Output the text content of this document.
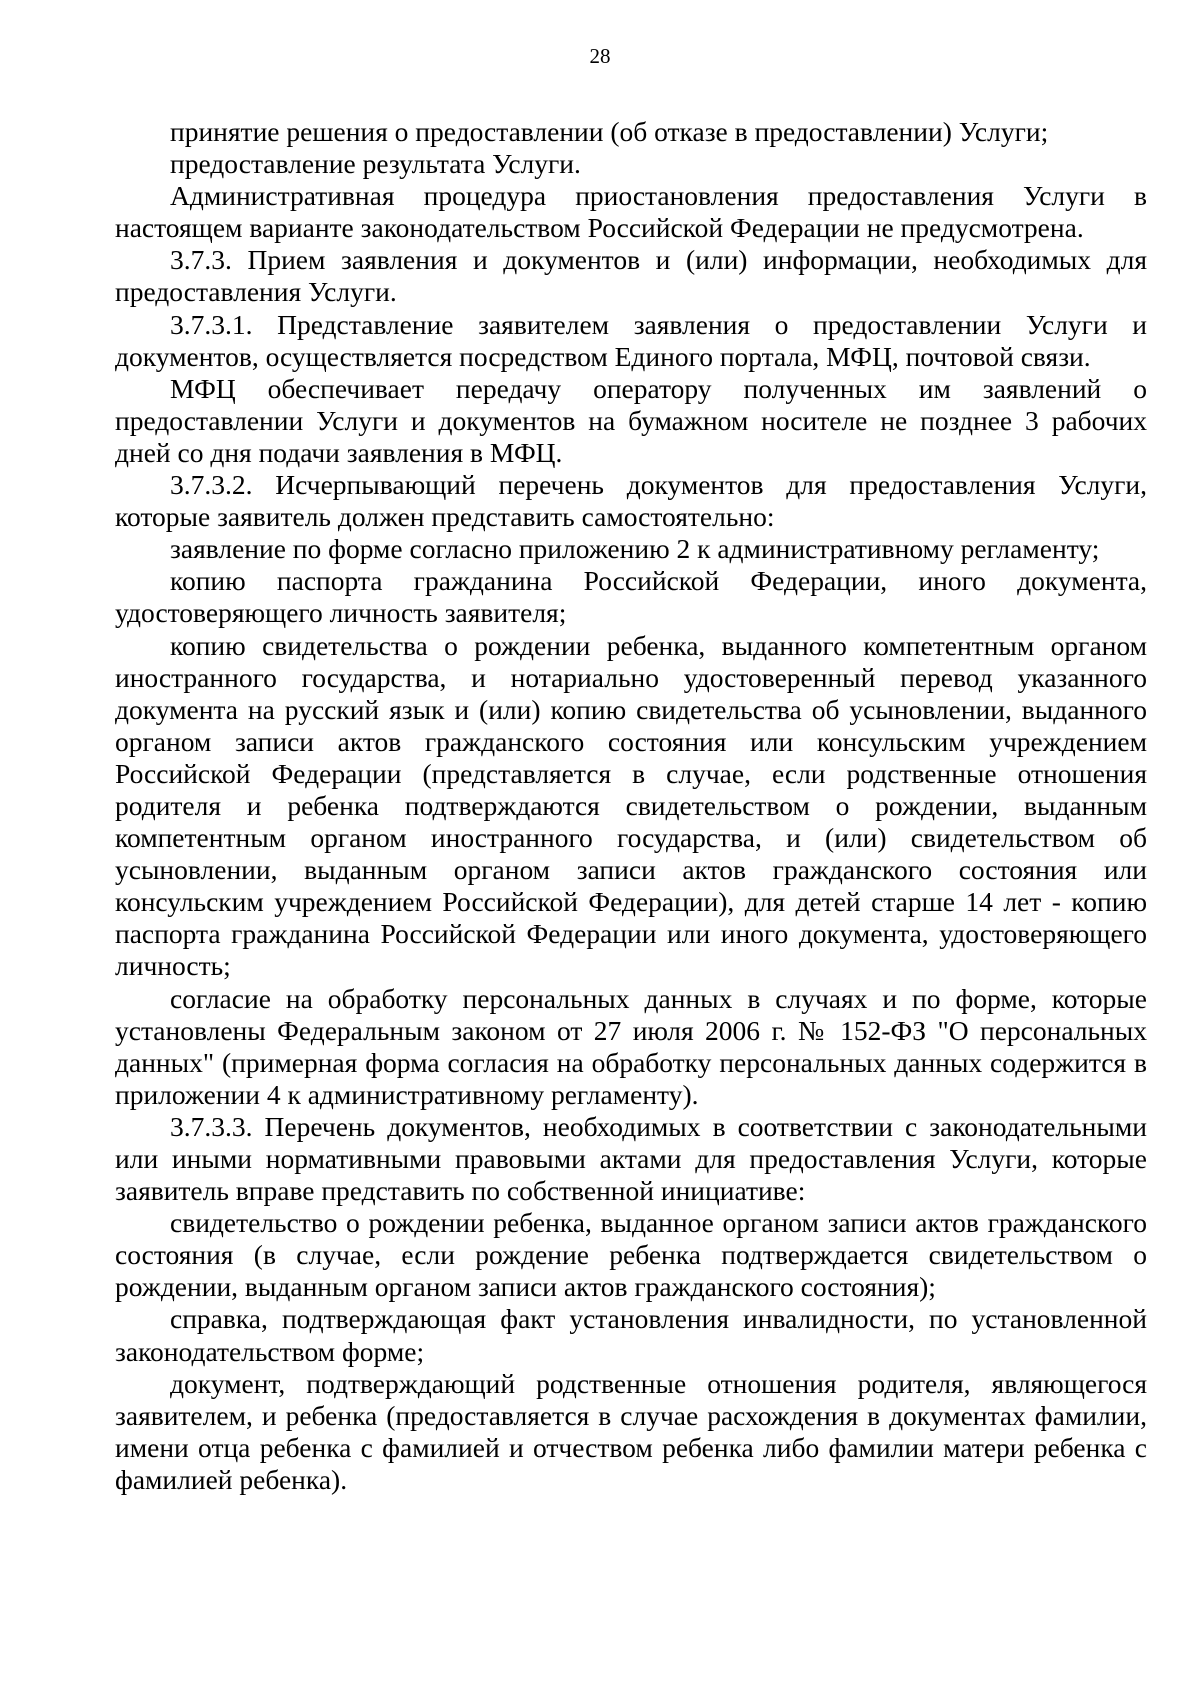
28

принятие решения о предоставлении (об отказе в предоставлении) Услуги;

предоставление результата Услуги.

Административная процедура приостановления предоставления Услуги в настоящем варианте законодательством Российской Федерации не предусмотрена.

3.7.3. Прием заявления и документов и (или) информации, необходимых для предоставления Услуги.

3.7.3.1. Представление заявителем заявления о предоставлении Услуги и документов, осуществляется посредством Единого портала, МФЦ, почтовой связи.

МФЦ обеспечивает передачу оператору полученных им заявлений о предоставлении Услуги и документов на бумажном носителе не позднее 3 рабочих дней со дня подачи заявления в МФЦ.

3.7.3.2. Исчерпывающий перечень документов для предоставления Услуги, которые заявитель должен представить самостоятельно:

заявление по форме согласно приложению 2 к административному регламенту;

копию паспорта гражданина Российской Федерации, иного документа, удостоверяющего личность заявителя;

копию свидетельства о рождении ребенка, выданного компетентным органом иностранного государства, и нотариально удостоверенный перевод указанного документа на русский язык и (или) копию свидетельства об усыновлении, выданного органом записи актов гражданского состояния или консульским учреждением Российской Федерации (представляется в случае, если родственные отношения родителя и ребенка подтверждаются свидетельством о рождении, выданным компетентным органом иностранного государства, и (или) свидетельством об усыновлении, выданным органом записи актов гражданского состояния или консульским учреждением Российской Федерации), для детей старше 14 лет - копию паспорта гражданина Российской Федерации или иного документа, удостоверяющего личность;

согласие на обработку персональных данных в случаях и по форме, которые установлены Федеральным законом от 27 июля 2006 г. № 152-ФЗ "О персональных данных" (примерная форма согласия на обработку персональных данных содержится в приложении 4 к административному регламенту).

3.7.3.3. Перечень документов, необходимых в соответствии с законодательными или иными нормативными правовыми актами для предоставления Услуги, которые заявитель вправе представить по собственной инициативе:

свидетельство о рождении ребенка, выданное органом записи актов гражданского состояния (в случае, если рождение ребенка подтверждается свидетельством о рождении, выданным органом записи актов гражданского состояния);

справка, подтверждающая факт установления инвалидности, по установленной законодательством форме;

документ, подтверждающий родственные отношения родителя, являющегося заявителем, и ребенка (предоставляется в случае расхождения в документах фамилии, имени отца ребенка с фамилией и отчеством ребенка либо фамилии матери ребенка с фамилией ребенка).
